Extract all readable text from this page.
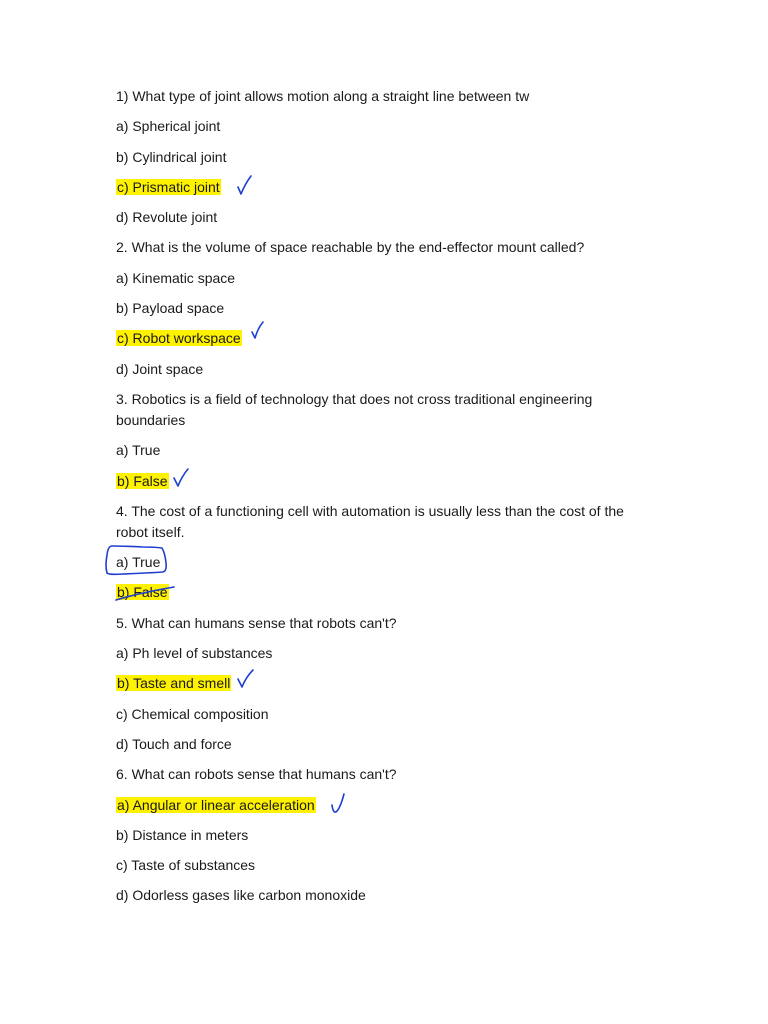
1) What type of joint allows motion along a straight line between tw
a) Spherical joint
b) Cylindrical joint
c) Prismatic joint
d) Revolute joint
2. What is the volume of space reachable by the end-effector mount called?
a) Kinematic space
b) Payload space
c) Robot workspace
d) Joint space
3. Robotics is a field of technology that does not cross traditional engineering boundaries
a) True
b) False
4. The cost of a functioning cell with automation is usually less than the cost of the robot itself.
a) True
b) False
5. What can humans sense that robots can't?
a) Ph level of substances
b) Taste and smell
c) Chemical composition
d) Touch and force
6. What can robots sense that humans can't?
a) Angular or linear acceleration
b) Distance in meters
c) Taste of substances
d) Odorless gases like carbon monoxide
